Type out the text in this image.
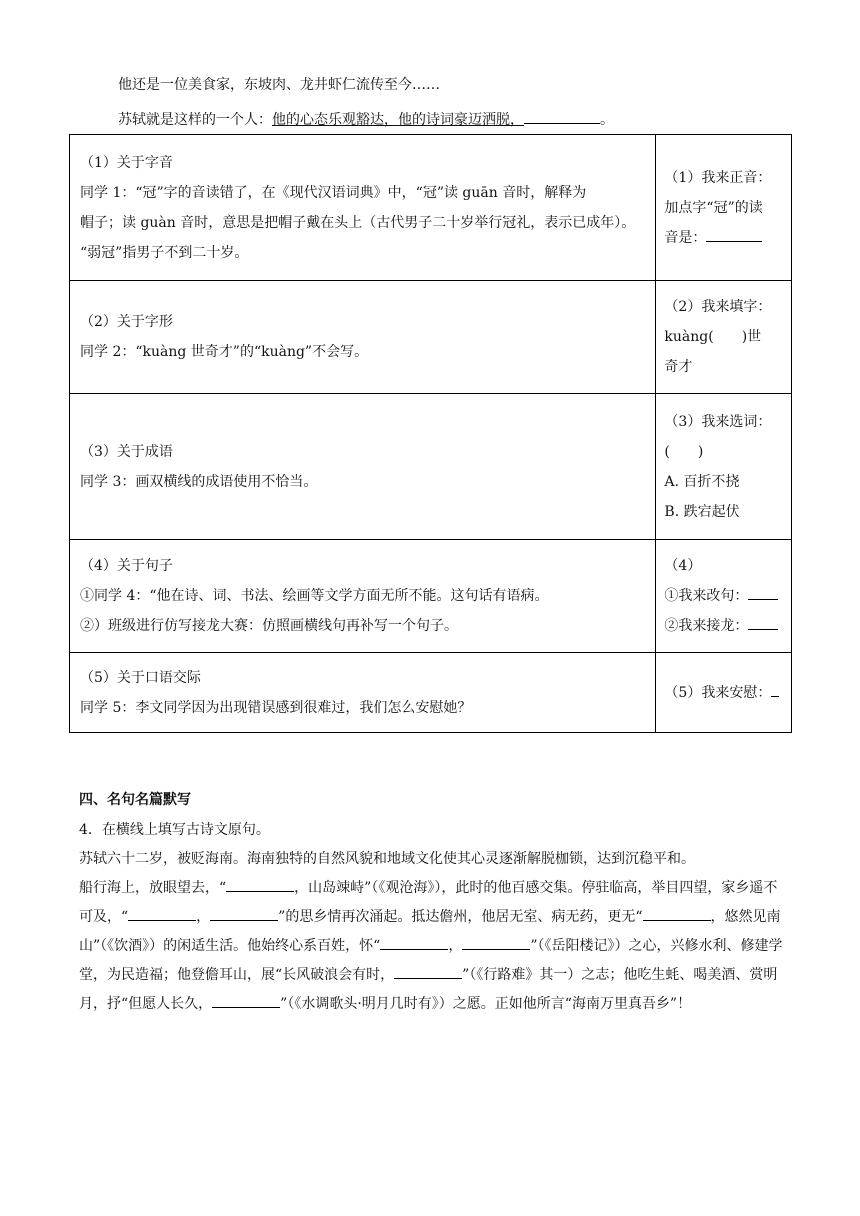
他还是一位美食家，东坡肉、龙井虾仁流传至今……
苏轼就是这样的一个人：他的心态乐观豁达，他的诗词豪迈洒脱，	。
（1）关于字音
同学 1：“冠”字的音读错了，在《现代汉语词典》中，“冠”读 guān 音时，解释为
帽子；读 guàn 音时，意思是把帽子戴在头上（古代男子二十岁举行冠礼，表示已成年）。
“弱冠”指男子不到二十岁。	（1）我来正音：
加点字“冠”的读
音是：

（2）关于字形
同学 2：“kuàng 世奇才”的“kuàng”不会写。	（2）我来填字：
kuàng(　　)世
奇才

（3）关于成语
同学 3：画双横线的成语使用不恰当。	（3）我来选词：
(　　)
A. 百折不挠
B. 跌宕起伏

（4）关于句子
①同学 4：“他在诗、词、书法、绘画等文学方面无所不能。这句话有语病。
②）班级进行仿写接龙大赛：仿照画横线句再补写一个句子。	（4）
①我来改句：
②我来接龙：

（5）关于口语交际
同学 5：李文同学因为出现错误感到很难过，我们怎么安慰她？	（5）我来安慰：
四、名句名篇默写
4．在横线上填写古诗文原句。
苏轼六十二岁，被贬海南。海南独特的自然风貌和地域文化使其心灵逐渐解脱枷锁，达到沉稳平和。
船行海上，放眼望去，“	，山岛竦峙”（《观沧海》），此时的他百感交集。停驻临高，举目四望，家乡遥不可及，“	，	”的思乡情再次涌起。抵达儋州，他居无室、病无药，更无“	，悠然见南山”（《饮酒》）的闲适生活。他始终心系百姓，怀“	，	”（《岳阳楼记》）之心，兴修水利、修建学堂，为民造福；他登儋耳山，展“长风破浪会有时，	”（《行路难》其一）之志；他吃生蚝、喝美酒、赏明月，抒“但愿人长久，	”（《水调歌头·明月几时有》）之愿。正如他所言“海南万里真吾乡”！
